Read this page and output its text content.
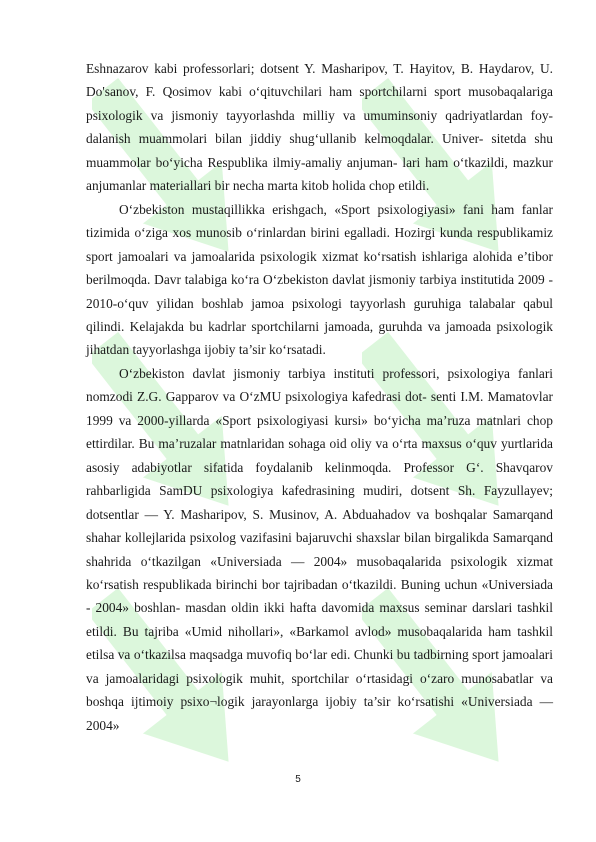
Eshnazarov kabi professorlari; dotsent Y. Masharipov, T. Hayitov, B. Haydarov, U. Do'sanov, F. Qosimov kabi o‘qituvchilari ham sportchilarni sport musobaqalariga psixologik va jismoniy tayyorlashda milliy va umuminsoniy qadriyatlardan foy-dalanish muammolari bilan jiddiy shug‘ullanib kelmoqdalar. Univer- sitetda shu muammolar bo‘yicha Respublika ilmiy-amaliy anjuman- lari ham o‘tkazildi, mazkur anjumanlar materiallari bir necha marta kitob holida chop etildi.

O‘zbekiston mustaqillikka erishgach, «Sport psixologiyasi» fani ham fanlar tizimida o‘ziga xos munosib o‘rinlardan birini egalladi. Hozirgi kunda respublikamiz sport jamoalari va jamoalarida psixologik xizmat ko‘rsatish ishlariga alohida e’tibor berilmoqda. Davr talabiga ko‘ra O‘zbekiston davlat jismoniy tarbiya institutida 2009 - 2010-o‘quv yilidan boshlab jamoa psixologi tayyorlash guruhiga talabalar qabul qilindi. Kelajakda bu kadrlar sportchilarni jamoada, guruhda va jamoada psixologik jihatdan tayyorlashga ijobiy ta’sir ko‘rsatadi.

O‘zbekiston davlat jismoniy tarbiya instituti professori, psixologiya fanlari nomzodi Z.G. Gapparov va O‘zMU psixologiya kafedrasi dot- senti I.M. Mamatovlar 1999 va 2000-yillarda «Sport psixologiyasi kursi» bo‘yicha ma’ruza matnlari chop ettirdilar. Bu ma’ruzalar matnlaridan sohaga oid oliy va o‘rta maxsus o‘quv yurtlarida asosiy adabiyotlar sifatida foydalanib kelinmoqda. Professor G‘. Shavqarov rahbarligida SamDU psixologiya kafedrasining mudiri, dotsent Sh. Fayzullayev; dotsentlar — Y. Masharipov, S. Musinov, A. Abduahadov va boshqalar Samarqand shahar kollejlarida psixolog vazifasini bajaruvchi shaxslar bilan birgalikda Samarqand shahrida o‘tkazilgan «Universiada — 2004» musobaqalarida psixologik xizmat ko‘rsatish respublikada birinchi bor tajribadan o‘tkazildi. Buning uchun «Universiada - 2004» boshlan- masdan oldin ikki hafta davomida maxsus seminar darslari tashkil etildi. Bu tajriba «Umid nihollari», «Barkamol avlod» musobaqalarida ham tashkil etilsa va o‘tkazilsa maqsadga muvofiq bo‘lar edi. Chunki bu tadbirning sport jamoalari va jamoalaridagi psixologik muhit, sportchilar o‘rtasidagi o‘zaro munosabatlar va boshqa ijtimoiy psixo¬logik jarayonlarga ijobiy ta’sir ko‘rsatishi «Universiada — 2004»

5
